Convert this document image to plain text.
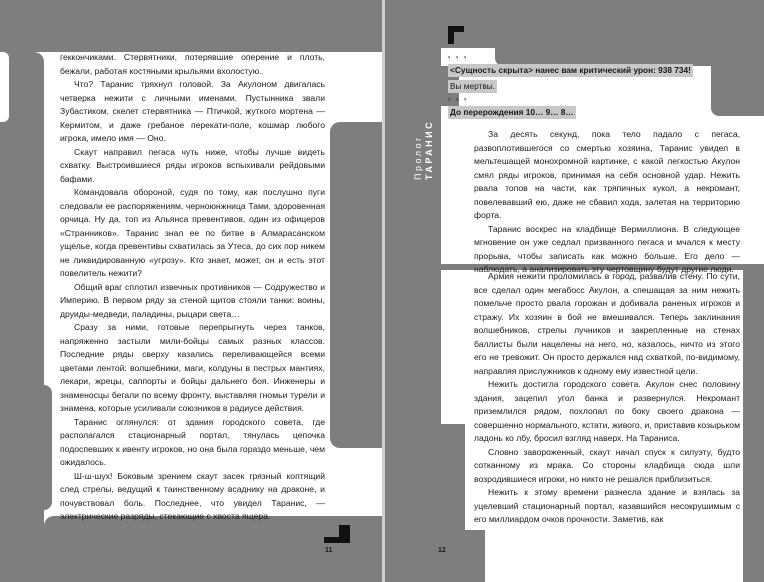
геккончиками. Стервятники, потерявшие оперение и плоть, бежали, работая костяными крыльями вхолостую.

Что? Таранис тряхнул головой. За Акулоном двигалась четверка нежити с личными именами. Пустынника звали Зубастиком, скелет стервятника — Птичкой, жуткого мортена — Кермитом, и даже гребаное перекати-поле, кошмар любого игрока, имело имя — Оно.

Скаут направил пегаса чуть ниже, чтобы лучше видеть схватку. Выстроившиеся ряды игроков вспыхивали рейдовыми бафами.

Командовала обороной, судя по тому, как послушно пуги следовали ее распоряжениям, черноюнжница Тами, здоровенная орчица. Ну да, топ из Альянса превентивов, один из офицеров «Странников». Таранис знал ее по битве в Алмарасанском ущелье, когда превентивы схватилась за Утеса, до сих пор никем не ликвидированную «угрозу». Кто знает, может, он и есть этот повелитель нежити?

Общий враг сплотил извечных противников — Содружество и Империю. В первом ряду за стеной щитов стояли танки: воины, друиды-медведи, паладины, рыцари света…

Сразу за ними, готовые перепрыгнуть через танков, напряженно застыли мили-бойцы самых разных классов. Последние ряды сверху казались переливающейся всеми цветами лентой: волшебники, маги, колдуны в пестрых мантиях, лекари, жрецы, саппорты и бойцы дальнего боя. Инженеры и знаменосцы бегали по всему фронту, выставляя гномьи турели и знамена, которые усиливали союзников в радиусе действия.

Таранис оглянулся: от здания городского совета, где располагался стационарный портал, тянулась цепочка подоспевших к ивенту игроков, но она была гораздо меньше, чем ожидалось.

Ш-ш-шух! Боковым зрением скаут засек грязный коптящий след стрелы, ведущий к таинственному всаднику на драконе, и почувствовал боль. Последнее, что увидел Таранис, — электрические разряды, стекающие с хвоста ящера.

11
Пролог ТАРАНИС
› › ›
<Сущность скрыта> нанес вам критический урон: 938 734!
Вы мертвы.
› › ›
До перерождения 10… 9… 8…

За десять секунд, пока тело падало с пегаса, развоплотившегося со смертью хозяина, Таранис увидел в мельтешащей монохромной картинке, с какой легкостью Акулон смял ряды игроков, принимая на себя основной удар. Нежить рвала топов на части, как тряпичных кукол, а некромант, повелевавший ею, даже не сбавил хода, залетая на территорию форта.

Таранис воскрес на кладбище Вермиллиона. В следующее мгновение он уже седлал призванного пегаса и мчался к месту прорыва, чтобы записать как можно больше. Его дело — наблюдать, а анализировать эту чертовщину будут другие люди.

Армия нежити проломилась в город, развалив стену. По сути, все сделал один мегабосс Акулон, а спешащая за ним нежить помельче просто рвала горожан и добивала раненых игроков и стражу. Их хозяин в бой не вмешивался. Теперь заклинания волшебников, стрелы лучников и закрепленные на стенах баллисты были нацелены на него, но, казалось, ничто из этого его не тревожит. Он просто держался над схваткой, по-видимому, направляя прислужников к одному ему известной цели.

Нежить достигла городского совета. Акулон снес половину здания, зацепил угол банка и развернулся. Некромант приземлился рядом, похлопал по боку своего дракона — совершенно нормального, кстати, живого, и, приставив козырьком ладонь ко лбу, бросил взгляд наверх. На Тараниса.

Словно завороженный, скаут начал спуск к силуэту, будто сотканному из мрака. Со стороны кладбища сюда шли возродившиеся игроки, но никто не решался приблизиться.

Нежить к этому времени разнесла здание и взялась за уцелевший стационарный портал, казавшийся несокрушимым с его миллиардом очков прочности. Заметив, как

12
